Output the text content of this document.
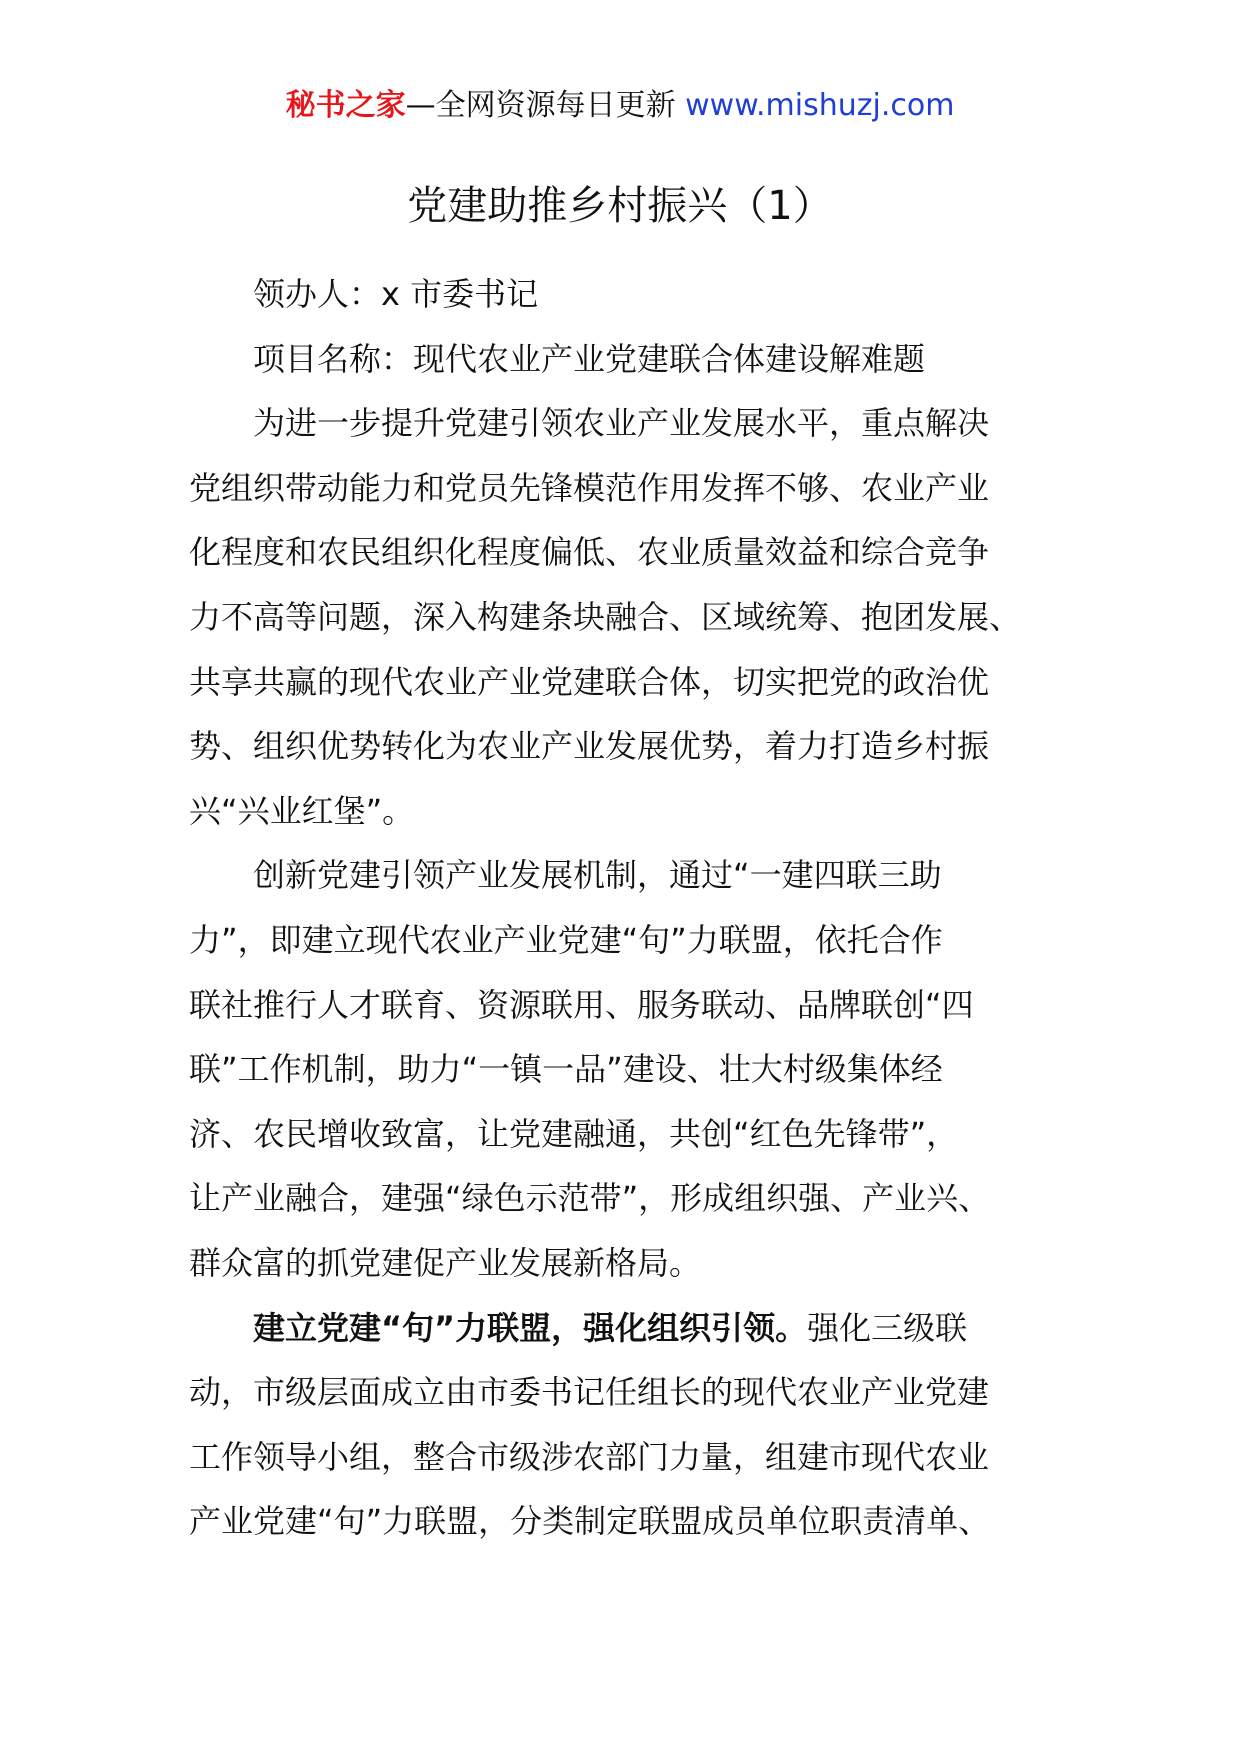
秘书之家—全网资源每日更新 www.mishuzj.com
党建助推乡村振兴（1）

领办人：x 市委书记

项目名称：现代农业产业党建联合体建设解难题

为进一步提升党建引领农业产业发展水平，重点解决
党组织带动能力和党员先锋模范作用发挥不够、农业产业
化程度和农民组织化程度偏低、农业质量效益和综合竞争
力不高等问题，深入构建条块融合、区域统筹、抱团发展、
共享共赢的现代农业产业党建联合体，切实把党的政治优
势、组织优势转化为农业产业发展优势，着力打造乡村振
兴“兴业红堡”。

创新党建引领产业发展机制，通过“一建四联三助
力”，即建立现代农业产业党建“句”力联盟，依托合作
联社推行人才联育、资源联用、服务联动、品牌联创“四
联”工作机制，助力“一镇一品”建设、壮大村级集体经
济、农民增收致富，让党建融通，共创“红色先锋带”，
让产业融合，建强“绿色示范带”，形成组织强、产业兴、
群众富的抓党建促产业发展新格局。

建立党建“句”力联盟，强化组织引领。强化三级联
动，市级层面成立由市委书记任组长的现代农业产业党建
工作领导小组，整合市级涉农部门力量，组建市现代农业
产业党建“句”力联盟，分类制定联盟成员单位职责清单、
